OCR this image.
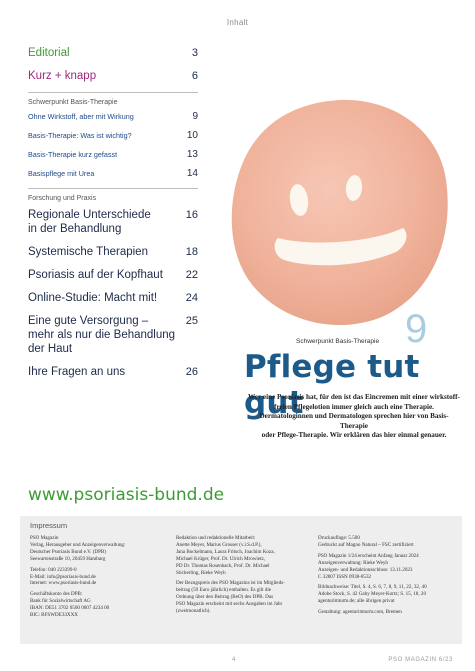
Inhalt
Editorial	3
Kurz + knapp	6
Schwerpunkt Basis-Therapie
Ohne Wirkstoff, aber mit Wirkung	9
Basis-Therapie: Was ist wichtig?	10
Basis-Therapie kurz gefasst	13
Basispflege mit Urea	14
Forschung und Praxis
Regionale Unterschiede
in der Behandlung
16
Systemische Therapien	18
Psoriasis auf der Kopfhaut 22
Online-Studie: Macht mit!	24
Eine gute Versorgung –
mehr als nur die Behandlung
der Haut
25
Ihre Fragen an uns	26
Schwerpunkt Basis-Therapie 9
Pflege tut gut
Wer eine Psoriasis hat, für den ist das Eincremen mit einer wirkstoff-
freien Pflegelotion immer gleich auch eine Therapie.
Dermatologinnen und Dermatologen sprechen hier von Basis-Therapie
oder Pflege-Therapie. Wir erklären das hier einmal genauer.
www.psoriasis-bund.de
Impressum
PSO Magazin
Verlag, Herausgeber und Anzeigenverwaltung:
Deutscher Psoriasis Bund e.V. (DPB)
Seewartenstraße 10, 20459 Hamburg
Telefon: 040 223399-0
E-Mail: info@psoriasis-bund.de
Internet: www.psoriasis-bund.de
Geschäftskonto des DPB:
Bank für Sozialwirtschaft AG
IBAN: DE51 3702 0500 0007 4234 00
BIC: BFSWDE33XXX
Redaktion und redaktionelle Mitarbeit:
Anette Meyer, Marius Grosser (v.i.S.d.P.),
Jana Bockelmann, Laura Fritsch, Joachim Koza,
Michael Krüger, Prof. Dr. Ulrich Mrowietz,
PD Dr. Thomas Rosenbach, Prof. Dr. Michael
Sticherling, Rieke Weyh
Der Bezugspreis des PSO Magazins ist im Mitglieds-
beitrag (59 Euro jährlich) enthalten. Es gilt die
Ordnung über den Beitrag (BeO) des DPB. Das
PSO Magazin erscheint mit sechs Ausgaben im Jahr
(zweimonatlich).
Druckauflage: 5.500
Gedruckt auf Magno Natural – FSC zertifiziert
PSO Magazin 1/24 erscheint Anfang Januar 2024
Anzeigenverwaltung: Rieke Weyh
Anzeigen- und Redaktionsschluss: 13.11.2023
C 32807 ISSN 0938-8532
Bildnachweise: Titel, S. 4, S. 6, 7, 8, 9, 11, 22, 32, 40
Adobe Stock, S. 42 Gaby Meyer-Kortz; S. 15, 18, 20
agenturimturm.de; alle übrigen privat
Gestaltung: agenturimturm.com, Bremen
4	PSO MAGAZIN 6/23
